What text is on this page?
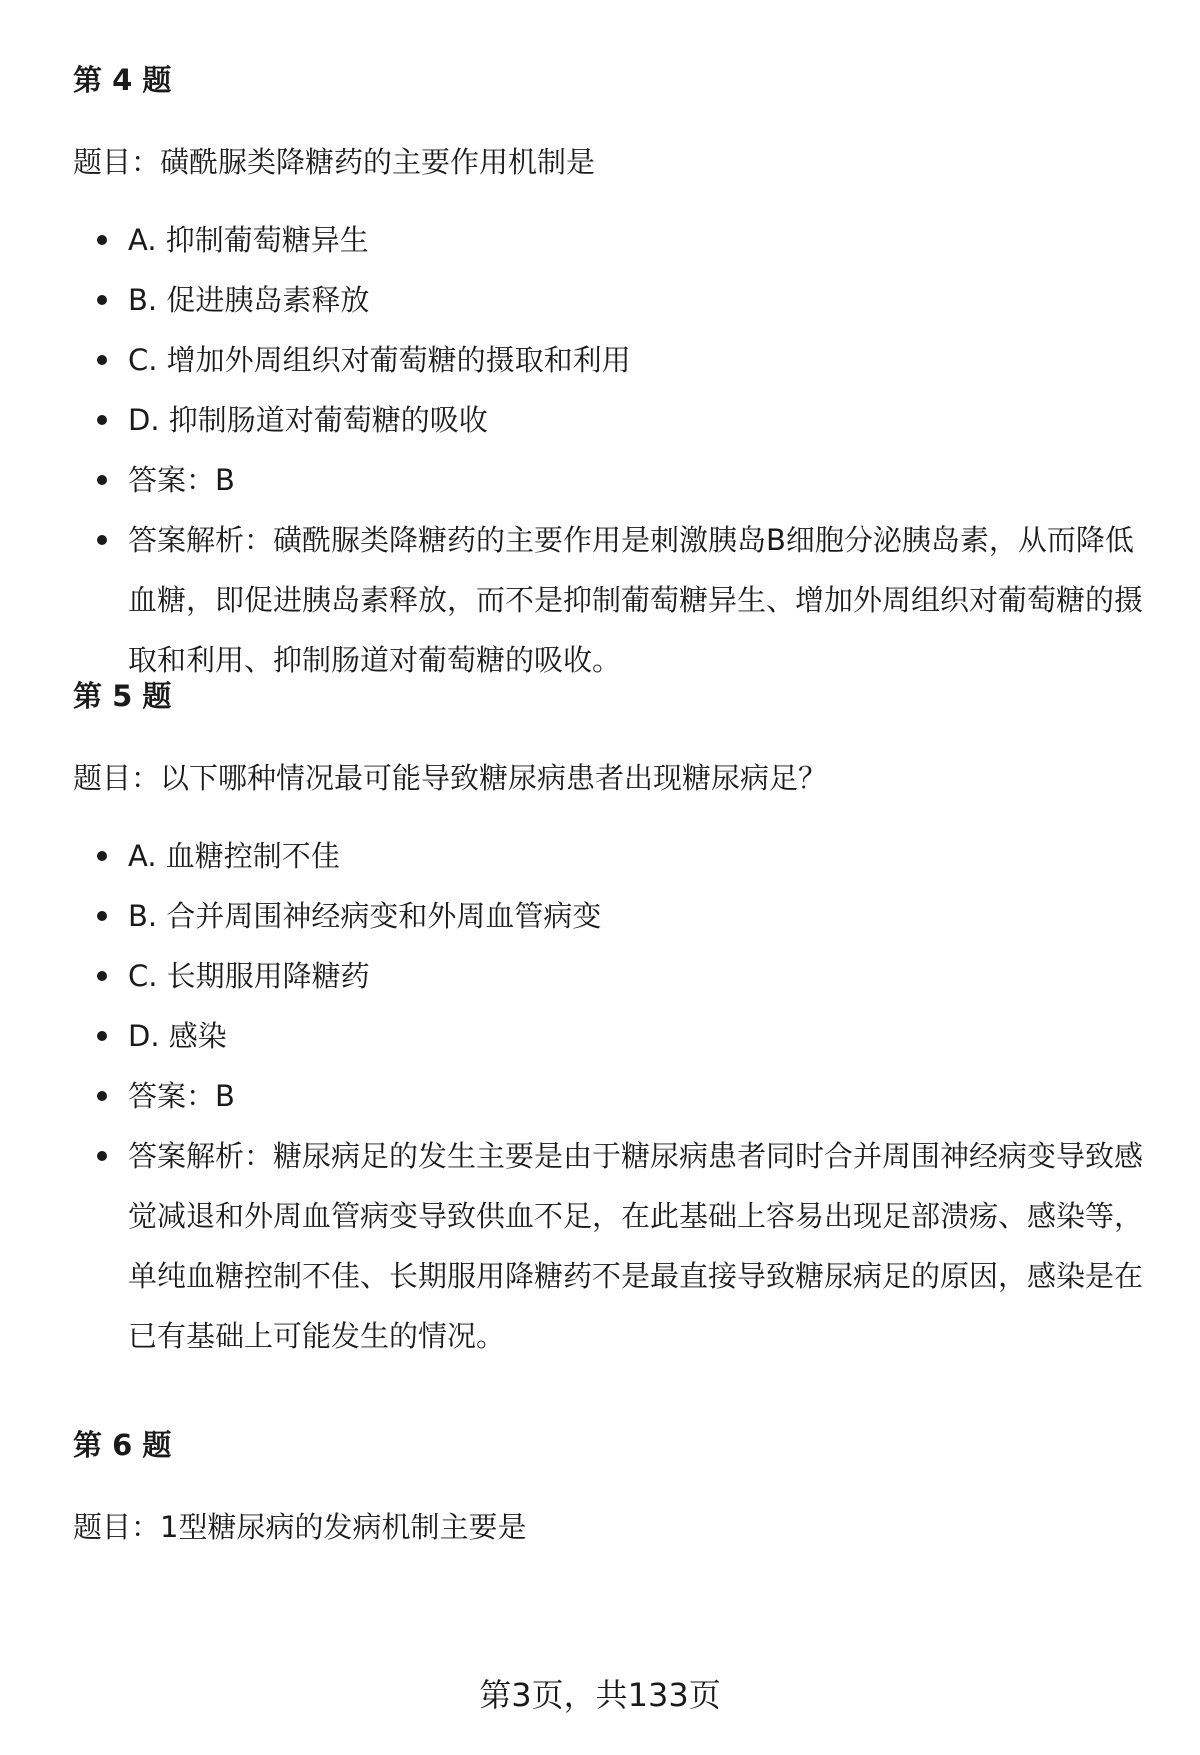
第 4 题

题目：磺酰脲类降糖药的主要作用机制是

A. 抑制葡萄糖异生
B. 促进胰岛素释放
C. 增加外周组织对葡萄糖的摄取和利用
D. 抑制肠道对葡萄糖的吸收
答案：B
答案解析：磺酰脲类降糖药的主要作用是刺激胰岛B细胞分泌胰岛素，从而降低血糖，即促进胰岛素释放，而不是抑制葡萄糖异生、增加外周组织对葡萄糖的摄取和利用、抑制肠道对葡萄糖的吸收。
第 5 题

题目：以下哪种情况最可能导致糖尿病患者出现糖尿病足？

A. 血糖控制不佳
B. 合并周围神经病变和外周血管病变
C. 长期服用降糖药
D. 感染
答案：B
答案解析：糖尿病足的发生主要是由于糖尿病患者同时合并周围神经病变导致感觉减退和外周血管病变导致供血不足，在此基础上容易出现足部溃疡、感染等，单纯血糖控制不佳、长期服用降糖药不是最直接导致糖尿病足的原因，感染是在已有基础上可能发生的情况。
第 6 题

题目：1型糖尿病的发病机制主要是

第3页，共133页
